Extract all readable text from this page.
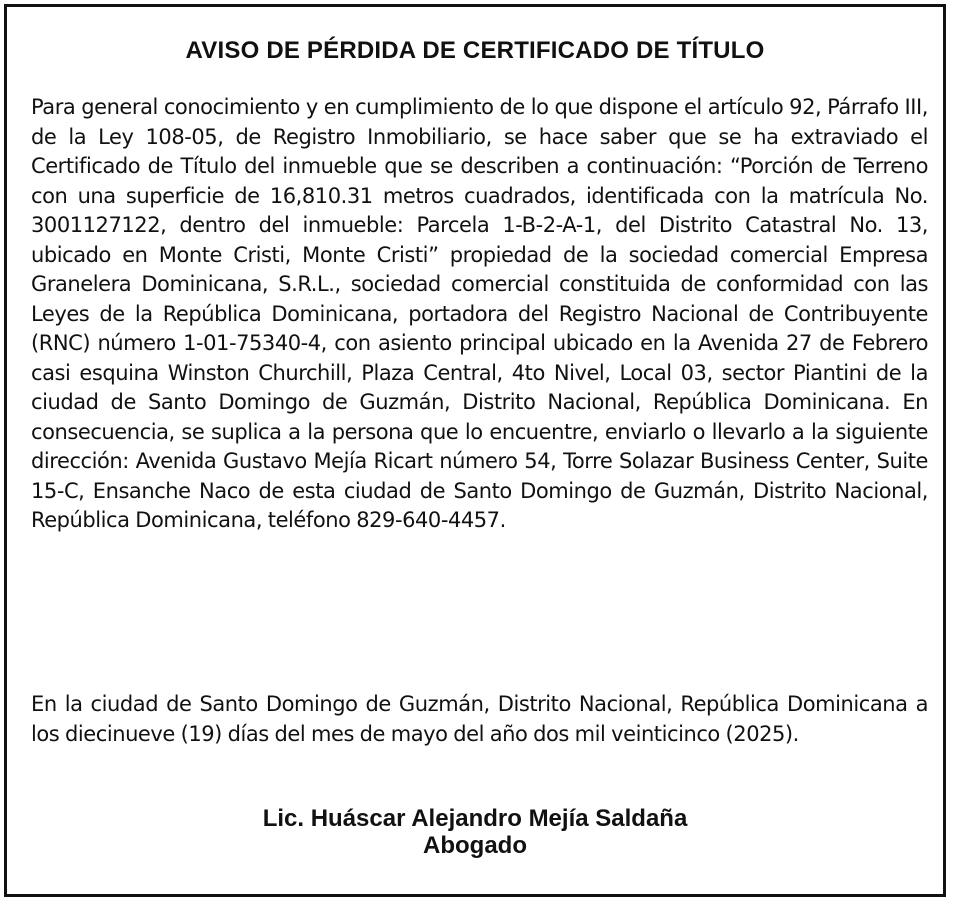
AVISO DE PÉRDIDA DE CERTIFICADO DE TÍTULO
Para general conocimiento y en cumplimiento de lo que dispone el artículo 92, Párrafo III, de la Ley 108-05, de Registro Inmobiliario, se hace saber que se ha extraviado el Certificado de Título del inmueble que se describen a continuación: “Porción de Terreno con una superficie de 16,810.31 metros cuadrados, identificada con la matrícula No. 3001127122, dentro del inmueble: Parcela 1-B-2-A-1, del Distrito Catastral No. 13, ubicado en Monte Cristi, Monte Cristi” propiedad de la sociedad comercial Empresa Granelera Dominicana, S.R.L., sociedad comercial constituida de conformidad con las Leyes de la República Dominicana, portadora del Registro Nacional de Contribuyente (RNC) número 1-01-75340-4, con asiento principal ubicado en la Avenida 27 de Febrero casi esquina Winston Churchill, Plaza Central, 4to Nivel, Local 03, sector Piantini de la ciudad de Santo Domingo de Guzmán, Distrito Nacional, República Dominicana. En consecuencia, se suplica a la persona que lo encuentre, enviarlo o llevarlo a la siguiente dirección: Avenida Gustavo Mejía Ricart número 54, Torre Solazar Business Center, Suite 15-C, Ensanche Naco de esta ciudad de Santo Domingo de Guzmán, Distrito Nacional, República Dominicana, teléfono 829-640-4457.
En la ciudad de Santo Domingo de Guzmán, Distrito Nacional, República Dominicana a los diecinueve (19) días del mes de mayo del año dos mil veinticinco (2025).
Lic. Huáscar Alejandro Mejía Saldaña
Abogado
